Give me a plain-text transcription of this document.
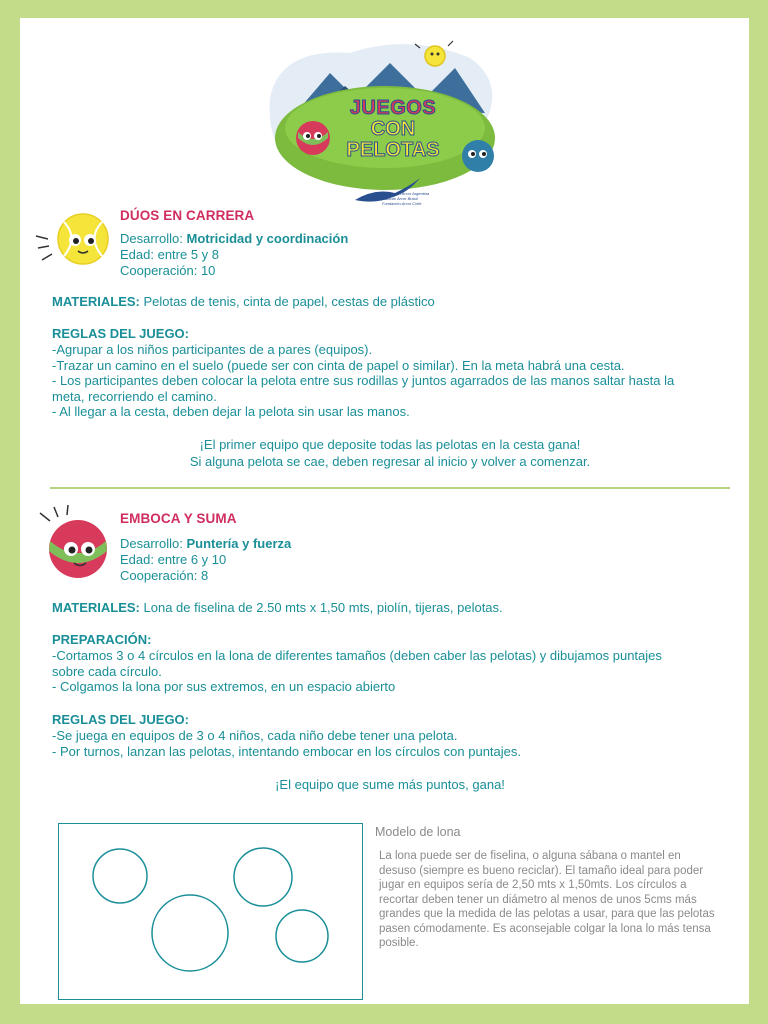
JUEGOS
CON
PELOTAS
Fundación Arcor Argentina
Instituto Arcor Brasil
Fundación Arcor Chile
DÚOS EN CARRERA
Desarrollo: Motricidad y coordinación
Edad: entre 5 y 8
Cooperación: 10
MATERIALES: Pelotas de tenis, cinta de papel, cestas de plástico
REGLAS DEL JUEGO:
-Agrupar a los niños participantes de a pares (equipos).
-Trazar un camino en el suelo (puede ser con cinta de papel o similar). En la meta habrá una cesta.
- Los participantes deben colocar la pelota entre sus rodillas y juntos agarrados de las manos saltar hasta la
meta, recorriendo el camino.
- Al llegar a la cesta, deben dejar la pelota sin usar las manos.
¡El primer equipo que deposite todas las pelotas en la cesta gana!
Si alguna pelota se cae, deben regresar al inicio y volver a comenzar.
EMBOCA Y SUMA
Desarrollo: Puntería y fuerza
Edad: entre 6 y 10
Cooperación: 8
MATERIALES: Lona de fiselina de 2.50 mts x 1,50 mts, piolín, tijeras, pelotas.
PREPARACIÓN:
-Cortamos 3 o 4 círculos en la lona de diferentes tamaños (deben caber las pelotas) y dibujamos puntajes
sobre cada círculo.
- Colgamos la lona por sus extremos, en un espacio abierto
REGLAS DEL JUEGO:
-Se juega en equipos de 3 o 4 niños, cada niño debe tener una pelota.
- Por turnos, lanzan las pelotas, intentando embocar en los círculos con puntajes.
¡El equipo que sume más puntos, gana!
Modelo de lona
La lona puede ser de fiselina, o alguna sábana o mantel en
desuso (siempre es bueno reciclar). El tamaño ideal para poder
jugar en equipos sería de 2,50 mts x 1,50mts. Los círculos a
recortar deben tener un diámetro al menos de unos 5cms más
grandes que la medida de las pelotas a usar, para que las pelotas
pasen cómodamente. Es aconsejable colgar la lona lo más tensa
posible.
